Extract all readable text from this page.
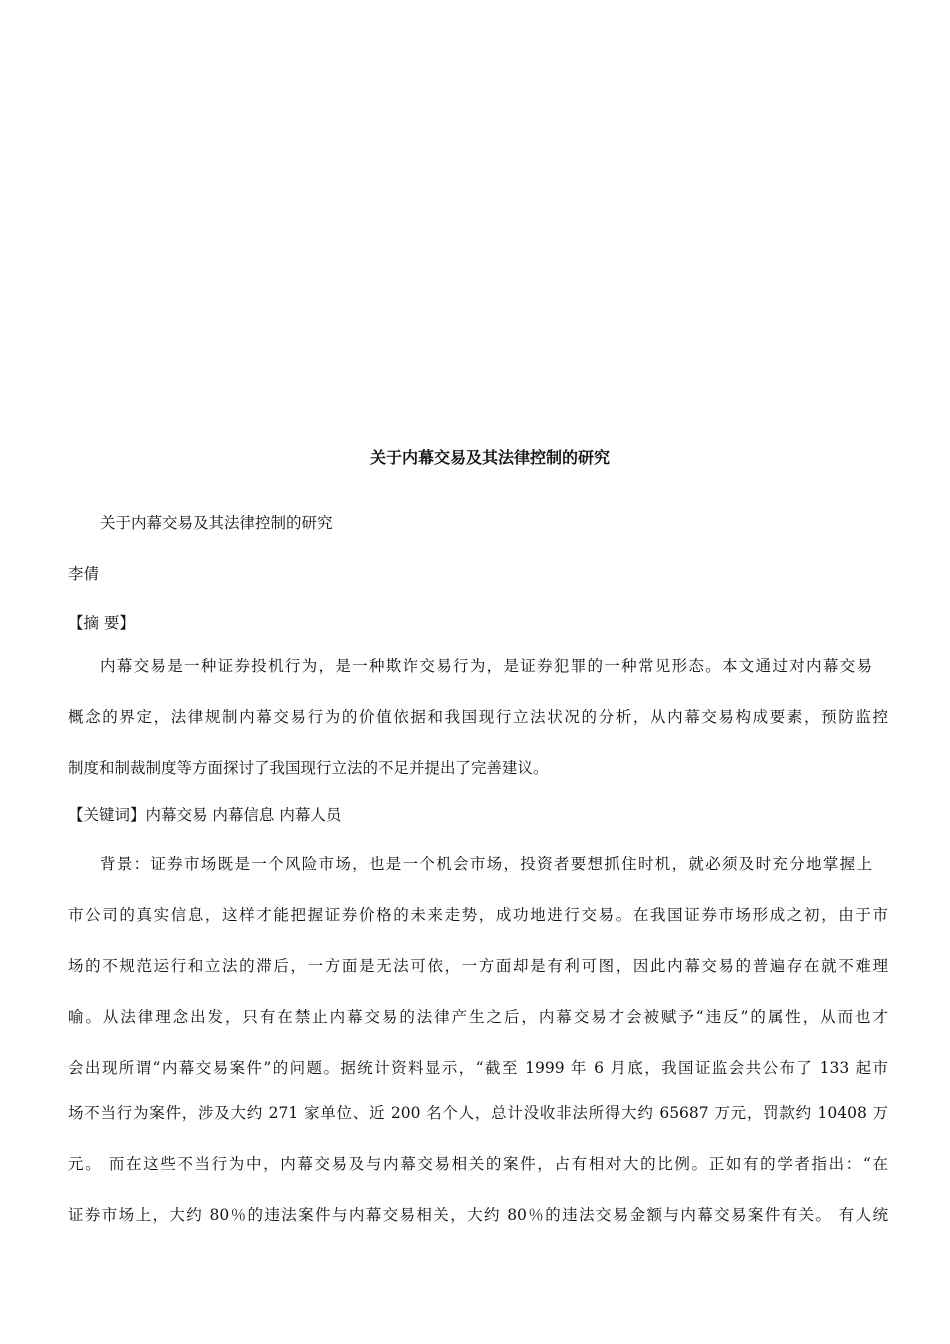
关于内幕交易及其法律控制的研究
关于内幕交易及其法律控制的研究
李倩
【摘 要】
内幕交易是一种证券投机行为，是一种欺诈交易行为，是证券犯罪的一种常见形态。本文通过对内幕交易
概念的界定，法律规制内幕交易行为的价值依据和我国现行立法状况的分析，从内幕交易构成要素，预防监控
制度和制裁制度等方面探讨了我国现行立法的不足并提出了完善建议。
【关键词】内幕交易 内幕信息 内幕人员
背景：证券市场既是一个风险市场，也是一个机会市场，投资者要想抓住时机，就必须及时充分地掌握上
市公司的真实信息，这样才能把握证券价格的未来走势，成功地进行交易。在我国证券市场形成之初，由于市
场的不规范运行和立法的滞后，一方面是无法可依，一方面却是有利可图，因此内幕交易的普遍存在就不难理
喻。从法律理念出发，只有在禁止内幕交易的法律产生之后，内幕交易才会被赋予“违反”的属性，从而也才
会出现所谓“内幕交易案件”的问题。据统计资料显示，“截至 1999 年 6 月底，我国证监会共公布了 133 起市
场不当行为案件，涉及大约 271 家单位、近 200 名个人，总计没收非法所得大约 65687 万元，罚款约 10408 万
元。 而在这些不当行为中，内幕交易及与内幕交易相关的案件，占有相对大的比例。正如有的学者指出：“在
证券市场上，大约 80％的违法案件与内幕交易相关，大约 80％的违法交易金额与内幕交易案件有关。 有人统
